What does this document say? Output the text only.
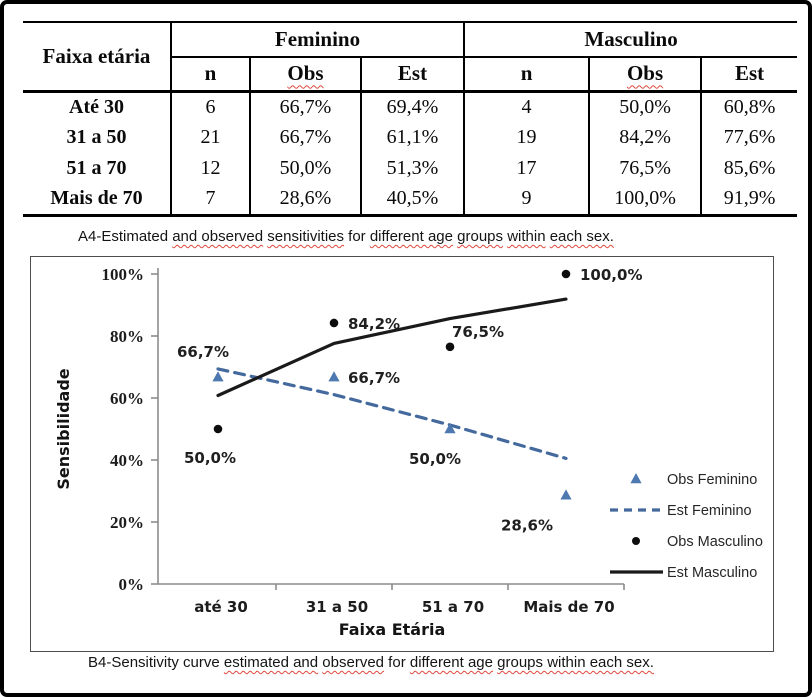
Faixa etária	Feminino			Masculino		
	n	Obs	Est	n	Obs	Est
Até 30	6	66,7%	69,4%	4	50,0%	60,8%
31 a 50	21	66,7%	61,1%	19	84,2%	77,6%
51 a 70	12	50,0%	51,3%	17	76,5%	85,6%
Mais de 70	7	28,6%	40,5%	9	100,0%	91,9%
A4-Estimated and observed sensitivities for different age groups within each sex.
0%
20%
40%
60%
80%
100%
até 30	31 a 50	51 a 70	Mais de 70
Sensibilidade
Faixa Etária
66,7%
66,7%
50,0%
28,6%
50,0%
84,2%	76,5%
100,0%
Obs Feminino
Est Feminino
Obs Masculino
Est Masculino
B4-Sensitivity curve estimated and observed for different age groups within each sex.
